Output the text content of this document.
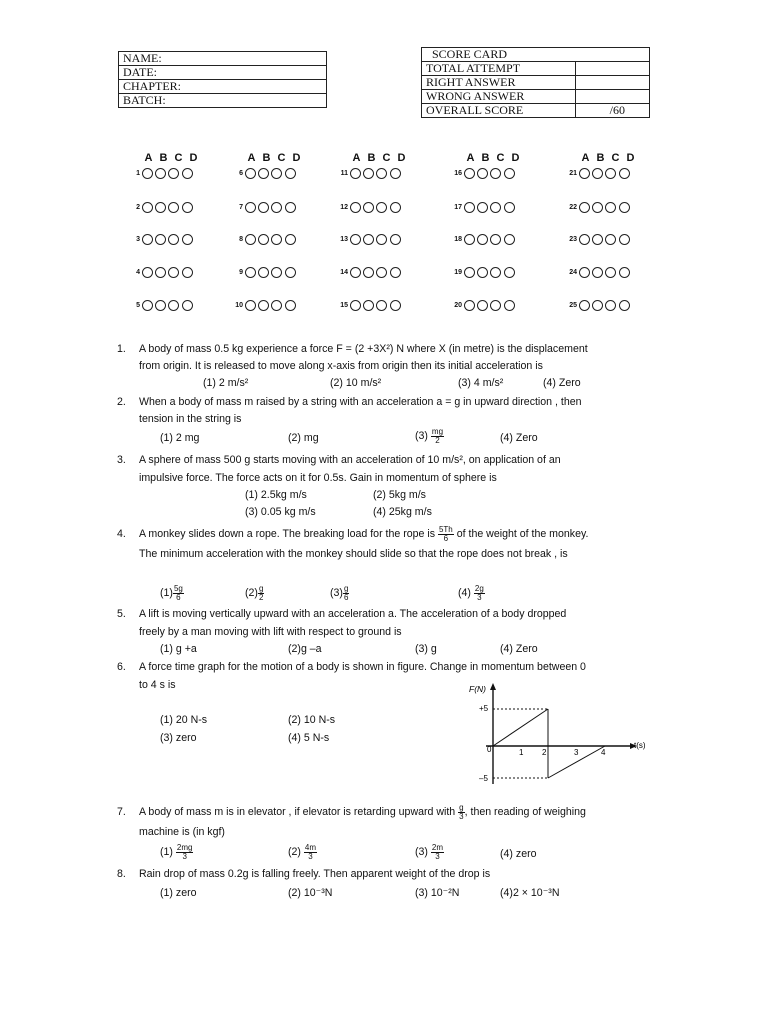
NAME:
DATE:
CHAPTER:
BATCH:
SCORE CARD	
TOTAL ATTEMPT	
RIGHT ANSWER	
WRONG ANSWER	
OVERALL SCORE	/60
A B C D
1
2
3
4
5
A B C D
6
7
8
9
10
A B C D
11
12
13
14
15
A B C D
16
17
18
19
20
A B C D
21
22
23
24
25
1. A body of mass 0.5 kg experience a force F = (2 +3X²) N where X (in metre) is the displacement
from origin. It is released to move along x-axis from origin then its initial acceleration is
(1) 2 m/s²	(2) 10 m/s²	(3) 4 m/s²	(4) Zero
2. When a body of mass m raised by a string with an acceleration a = g in upward direction , then
tension in the string is
(1) 2 mg	(2) mg	$(3) \frac{mg}{2}$	(4) Zero
3. A sphere of mass 500 g starts moving with an acceleration of 10 m/s², on application of an
impulsive force. The force acts on it for 0.5s. Gain in momentum of sphere is
(1) 2.5kg m/s	(2) 5kg m/s
(3) 0.05 kg m/s	(4) 25kg m/s
4. A monkey slides down a rope. The breaking load for the rope is $\frac{5Th}{6}$ of the weight of the monkey.
The minimum acceleration with the monkey should slide so that the rope does not break , is
$(1) \frac{5g}{6}$	$(2) \frac{g}{2}$	$(3) \frac{g}{6}$	$(4) \frac{2g}{3}$
5. A lift is moving vertically upward with an acceleration a. The acceleration of a body dropped
freely by a man moving with lift with respect to ground is
(1) g +a	(2)g –a	(3) g	(4) Zero
6. A force time graph for the motion of a body is shown in figure. Change in momentum between 0
to 4 s is
(1) 20 N-s	(2) 10 N-s
(3) zero	(4) 5 N-s
F(N)
t(s)
+5
0
–5
1 2	3	4
7. A body of mass m is in elevator , if elevator is retarding upward with $\frac{g}{3}$ , then reading of weighing
machine is (in kgf)
$(1) \frac{2mg}{3}$	$(2) \frac{4m}{3}$	$(3) \frac{2m}{3}$	(4) zero
8. Rain drop of mass 0.2g is falling freely. Then apparent weight of the drop is
(1) zero	(2) 10⁻³N	(3) 10⁻²N	(4)2 × 10⁻³N
